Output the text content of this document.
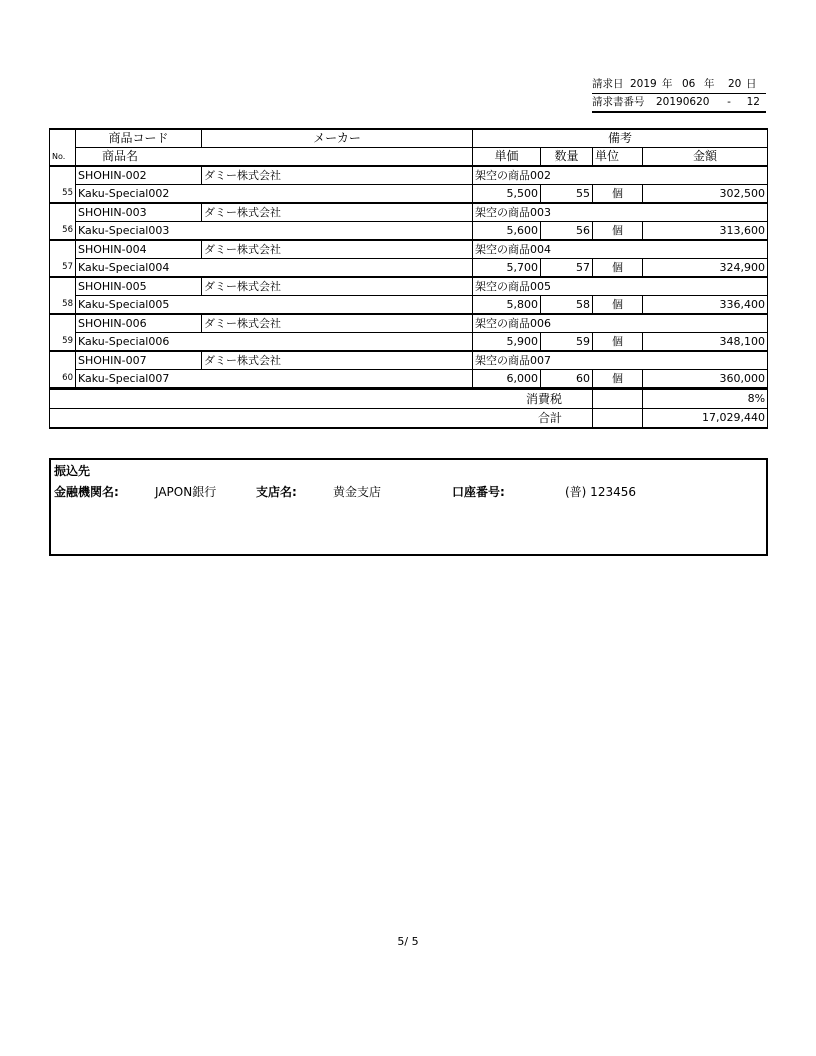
請求日 2019 年 06 年 20 日
請求書番号 20190620 - 12
No.	商品コード	メーカー		備考			
	商品名			単価	数量	単位	金額
55	SHOHIN-002	ダミー株式会社		架空の商品002			
	Kaku-Special002			5,500	55	個	302,500
56	SHOHIN-003	ダミー株式会社		架空の商品003			
	Kaku-Special003			5,600	56	個	313,600
57	SHOHIN-004	ダミー株式会社		架空の商品004			
	Kaku-Special004			5,700	57	個	324,900
58	SHOHIN-005	ダミー株式会社		架空の商品005			
	Kaku-Special005			5,800	58	個	336,400
59	SHOHIN-006	ダミー株式会社		架空の商品006			
	Kaku-Special006			5,900	59	個	348,100
60	SHOHIN-007	ダミー株式会社		架空の商品007			
	Kaku-Special007			6,000	60	個	360,000
消費税							8%
合計							17,029,440
振込先
金融機関名:	JAPON銀行	支店名:	黄金支店	口座番号:	(普) 123456
5/ 5
